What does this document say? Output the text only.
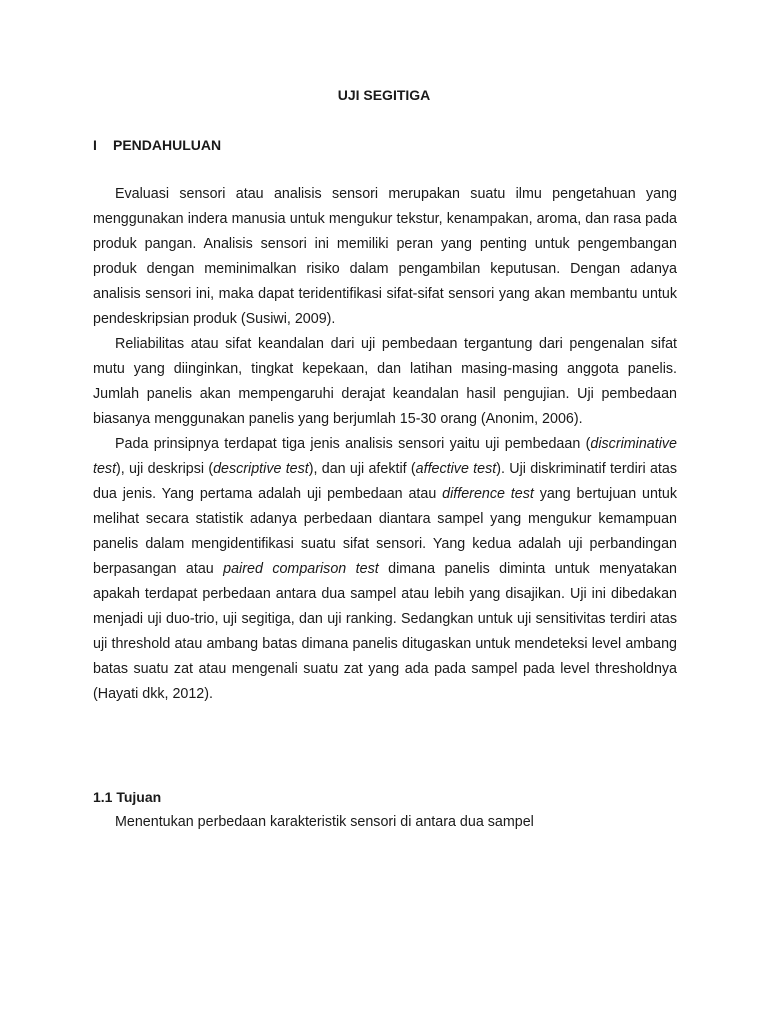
UJI SEGITIGA
I PENDAHULUAN

Evaluasi sensori atau analisis sensori merupakan suatu ilmu pengetahuan yang menggunakan indera manusia untuk mengukur tekstur, kenampakan, aroma, dan rasa pada produk pangan. Analisis sensori ini memiliki peran yang penting untuk pengembangan produk dengan meminimalkan risiko dalam pengambilan keputusan. Dengan adanya analisis sensori ini, maka dapat teridentifikasi sifat-sifat sensori yang akan membantu untuk pendeskripsian produk (Susiwi, 2009).

Reliabilitas atau sifat keandalan dari uji pembedaan tergantung dari pengenalan sifat mutu yang diinginkan, tingkat kepekaan, dan latihan masing-masing anggota panelis. Jumlah panelis akan mempengaruhi derajat keandalan hasil pengujian. Uji pembedaan biasanya menggunakan panelis yang berjumlah 15-30 orang (Anonim, 2006).

Pada prinsipnya terdapat tiga jenis analisis sensori yaitu uji pembedaan (discriminative test), uji deskripsi (descriptive test), dan uji afektif (affective test). Uji diskriminatif terdiri atas dua jenis. Yang pertama adalah uji pembedaan atau difference test yang bertujuan untuk melihat secara statistik adanya perbedaan diantara sampel yang mengukur kemampuan panelis dalam mengidentifikasi suatu sifat sensori. Yang kedua adalah uji perbandingan berpasangan atau paired comparison test dimana panelis diminta untuk menyatakan apakah terdapat perbedaan antara dua sampel atau lebih yang disajikan. Uji ini dibedakan menjadi uji duo-trio, uji segitiga, dan uji ranking. Sedangkan untuk uji sensitivitas terdiri atas uji threshold atau ambang batas dimana panelis ditugaskan untuk mendeteksi level ambang batas suatu zat atau mengenali suatu zat yang ada pada sampel pada level thresholdnya (Hayati dkk, 2012).

1.1 Tujuan

Menentukan perbedaan karakteristik sensori di antara dua sampel
